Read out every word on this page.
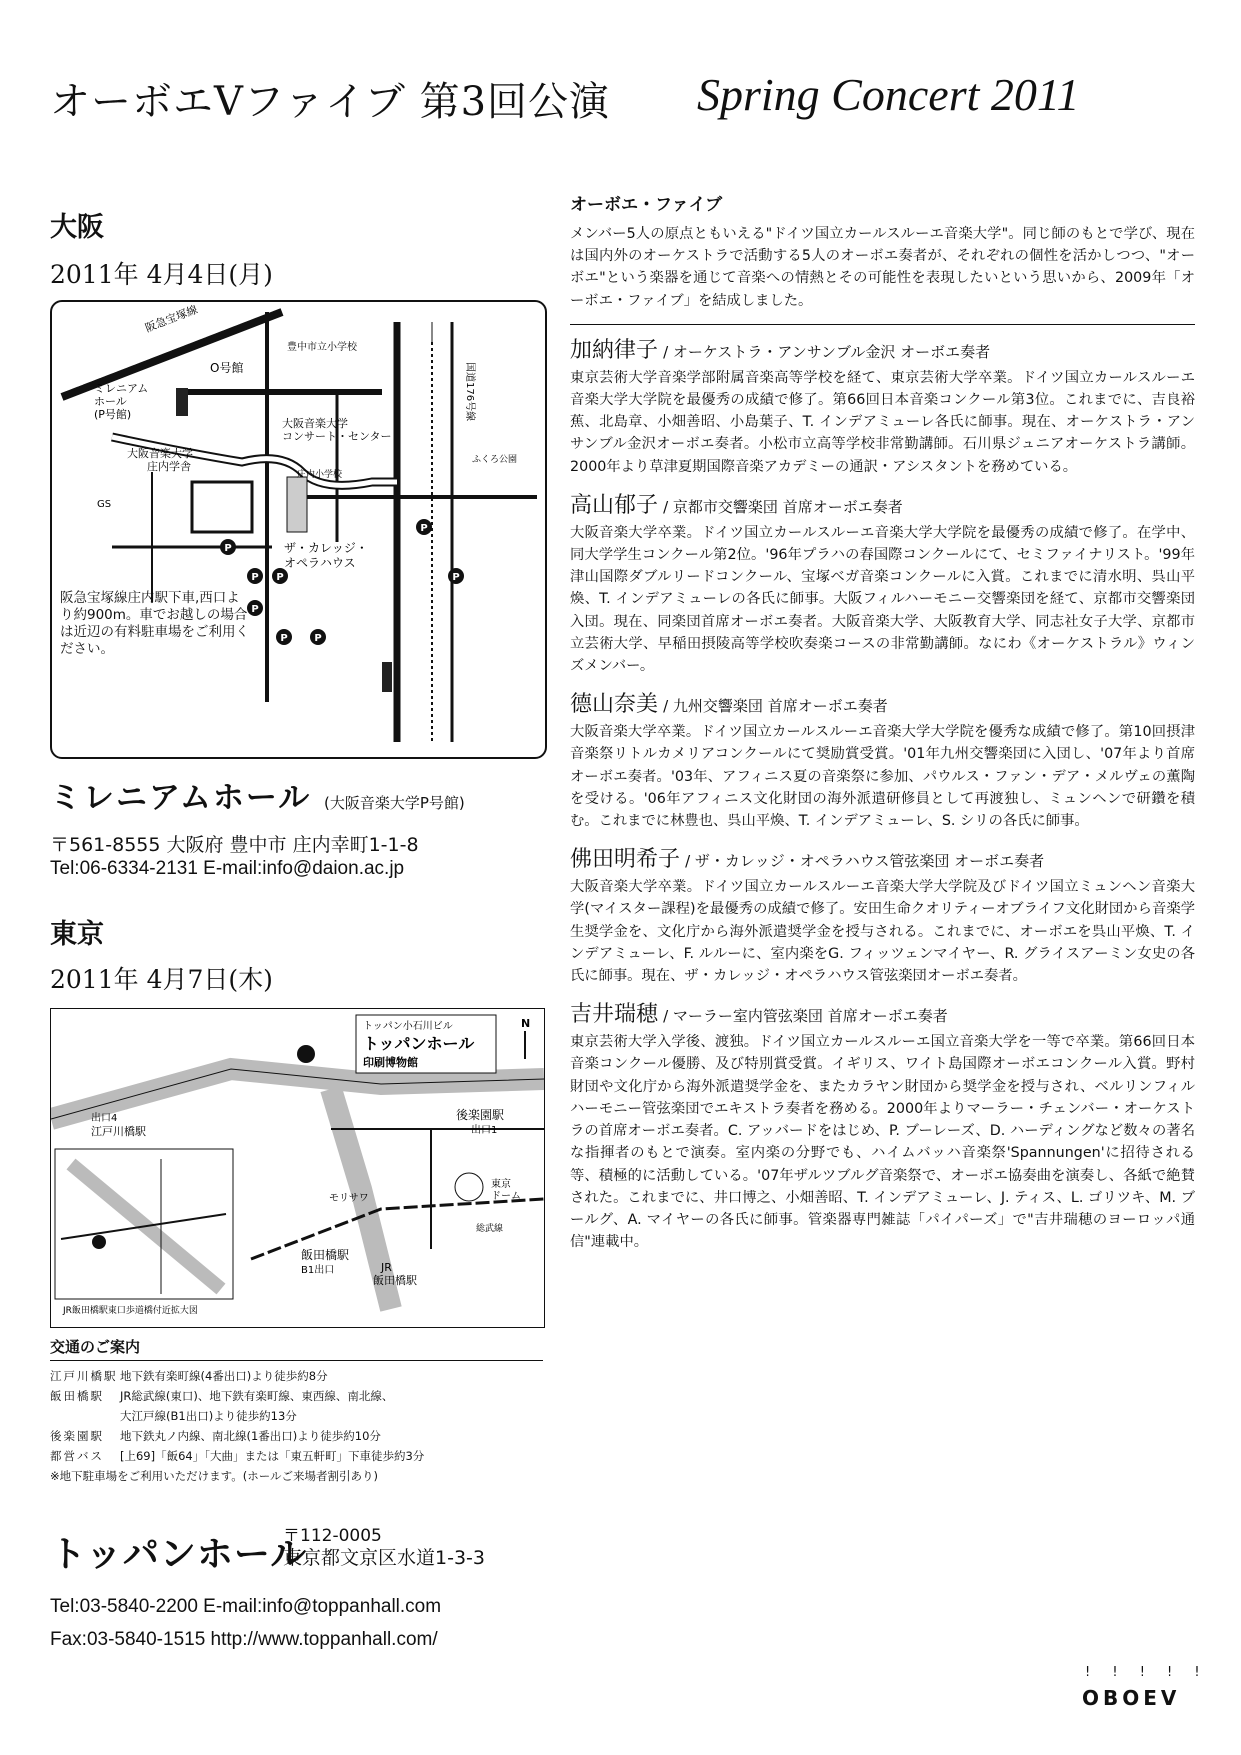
オーボエVファイブ 第3回公演 Spring Concert 2011
大阪
2011年 4月4日(月)
阪急宝塚線
ミレニアムホール(P号館)
O号館
豊中市立小学校
大阪音楽大学コンサート・センター
大阪音楽大学庄内学舎
国道176号線
GS
ふくろ公園
庄内小学校
ザ・カレッジ・オペラハウス
P
P P
P
P	P
P
P
阪急宝塚線庄内駅下車,西口より約900m。車でお越しの場合は近辺の有料駐車場をご利用ください。
ミレニアムホール (大阪音楽大学P号館)
〒561-8555 大阪府 豊中市 庄内幸町1-1-8
Tel:06-6334-2131 E-mail:info@daion.ac.jp
東京
2011年 4月7日(木)
トッパン小石川ビル
トッパンホール
印刷博物館
N
出口4
江戸川橋駅
後楽園駅
出口1
飯田橋駅
B1出口	JR 飯田橋駅
東京ドーム
モリサワ
総武線
JR飯田橋駅東口歩道橋付近拡大図
交通のご案内
江戸川橋駅 地下鉄有楽町線(4番出口)より徒歩約8分
飯田橋駅	JR総武線(東口)、地下鉄有楽町線、東西線、南北線、
大江戸線(B1出口)より徒歩約13分
後楽園駅	地下鉄丸ノ内線、南北線(1番出口)より徒歩約10分
都営バス	[上69]「飯64」「大曲」または「東五軒町」下車徒歩約3分
※地下駐車場をご利用いただけます。(ホールご来場者割引あり)
トッパンホール
〒112-0005
東京都文京区水道1-3-3
Tel:03-5840-2200 E-mail:info@toppanhall.com
Fax:03-5840-1515 http://www.toppanhall.com/
オーボエ・ファイブ
メンバー5人の原点ともいえる"ドイツ国立カールスルーエ音楽大学"。同じ師のもとで学び、現在は国内外のオーケストラで活動する5人のオーボエ奏者が、それぞれの個性を活かしつつ、"オーボエ"という楽器を通じて音楽への情熱とその可能性を表現したいという思いから、2009年「オーボエ・ファイブ」を結成しました。
加納律子 / オーケストラ・アンサンブル金沢 オーボエ奏者
東京芸術大学音楽学部附属音楽高等学校を経て、東京芸術大学卒業。ドイツ国立カールスルーエ音楽大学大学院を最優秀の成績で修了。第66回日本音楽コンクール第3位。これまでに、吉良裕蕉、北島章、小畑善昭、小島葉子、T. インデアミューレ各氏に師事。現在、オーケストラ・アンサンブル金沢オーボエ奏者。小松市立高等学校非常勤講師。石川県ジュニアオーケストラ講師。2000年より草津夏期国際音楽アカデミーの通訳・アシスタントを務めている。
高山郁子 / 京都市交響楽団 首席オーボエ奏者
大阪音楽大学卒業。ドイツ国立カールスルーエ音楽大学大学院を最優秀の成績で修了。在学中、同大学学生コンクール第2位。'96年プラハの春国際コンクールにて、セミファイナリスト。'99年津山国際ダブルリードコンクール、宝塚ベガ音楽コンクールに入賞。これまでに清水明、呉山平煥、T. インデアミューレの各氏に師事。大阪フィルハーモニー交響楽団を経て、京都市交響楽団入団。現在、同楽団首席オーボエ奏者。大阪音楽大学、大阪教育大学、同志社女子大学、京都市立芸術大学、早稲田摂陵高等学校吹奏楽コースの非常勤講師。なにわ《オーケストラル》ウィンズメンバー。
德山奈美 / 九州交響楽団 首席オーボエ奏者
大阪音楽大学卒業。ドイツ国立カールスルーエ音楽大学大学院を優秀な成績で修了。第10回摂津音楽祭リトルカメリアコンクールにて奨励賞受賞。'01年九州交響楽団に入団し、'07年より首席オーボエ奏者。'03年、アフィニス夏の音楽祭に参加、パウルス・ファン・デア・メルヴェの薫陶を受ける。'06年アフィニス文化財団の海外派遣研修員として再渡独し、ミュンヘンで研鑽を積む。これまでに林豊也、呉山平煥、T. インデアミューレ、S. シリの各氏に師事。
佛田明希子 / ザ・カレッジ・オペラハウス管弦楽団 オーボエ奏者
大阪音楽大学卒業。ドイツ国立カールスルーエ音楽大学大学院及びドイツ国立ミュンヘン音楽大学(マイスター課程)を最優秀の成績で修了。安田生命クオリティーオブライフ文化財団から音楽学生奨学金を、文化庁から海外派遣奨学金を授与される。これまでに、オーボエを呉山平煥、T. インデアミューレ、F. ルルーに、室内楽をG. フィッツェンマイヤー、R. グライスアーミン女史の各氏に師事。現在、ザ・カレッジ・オペラハウス管弦楽団オーボエ奏者。
吉井瑞穂 / マーラー室内管弦楽団 首席オーボエ奏者
東京芸術大学入学後、渡独。ドイツ国立カールスルーエ国立音楽大学を一等で卒業。第66回日本音楽コンクール優勝、及び特別賞受賞。イギリス、ワイト島国際オーボエコンクール入賞。野村財団や文化庁から海外派遣奨学金を、またカラヤン財団から奨学金を授与され、ベルリンフィルハーモニー管弦楽団でエキストラ奏者を務める。2000年よりマーラー・チェンバー・オーケストラの首席オーボエ奏者。C. アッバードをはじめ、P. ブーレーズ、D. ハーディングなど数々の著名な指揮者のもとで演奏。室内楽の分野でも、ハイムバッハ音楽祭'Spannungen'に招待される等、積極的に活動している。'07年ザルツブルグ音楽祭で、オーボエ協奏曲を演奏し、各紙で絶賛された。これまでに、井口博之、小畑善昭、T. インデアミューレ、J. ティス、L. ゴリツキ、M. ブールグ、A. マイヤーの各氏に師事。管楽器専門雑誌「パイパーズ」で"吉井瑞穂のヨーロッパ通信"連載中。
! ! ! ! !
OBOEV
